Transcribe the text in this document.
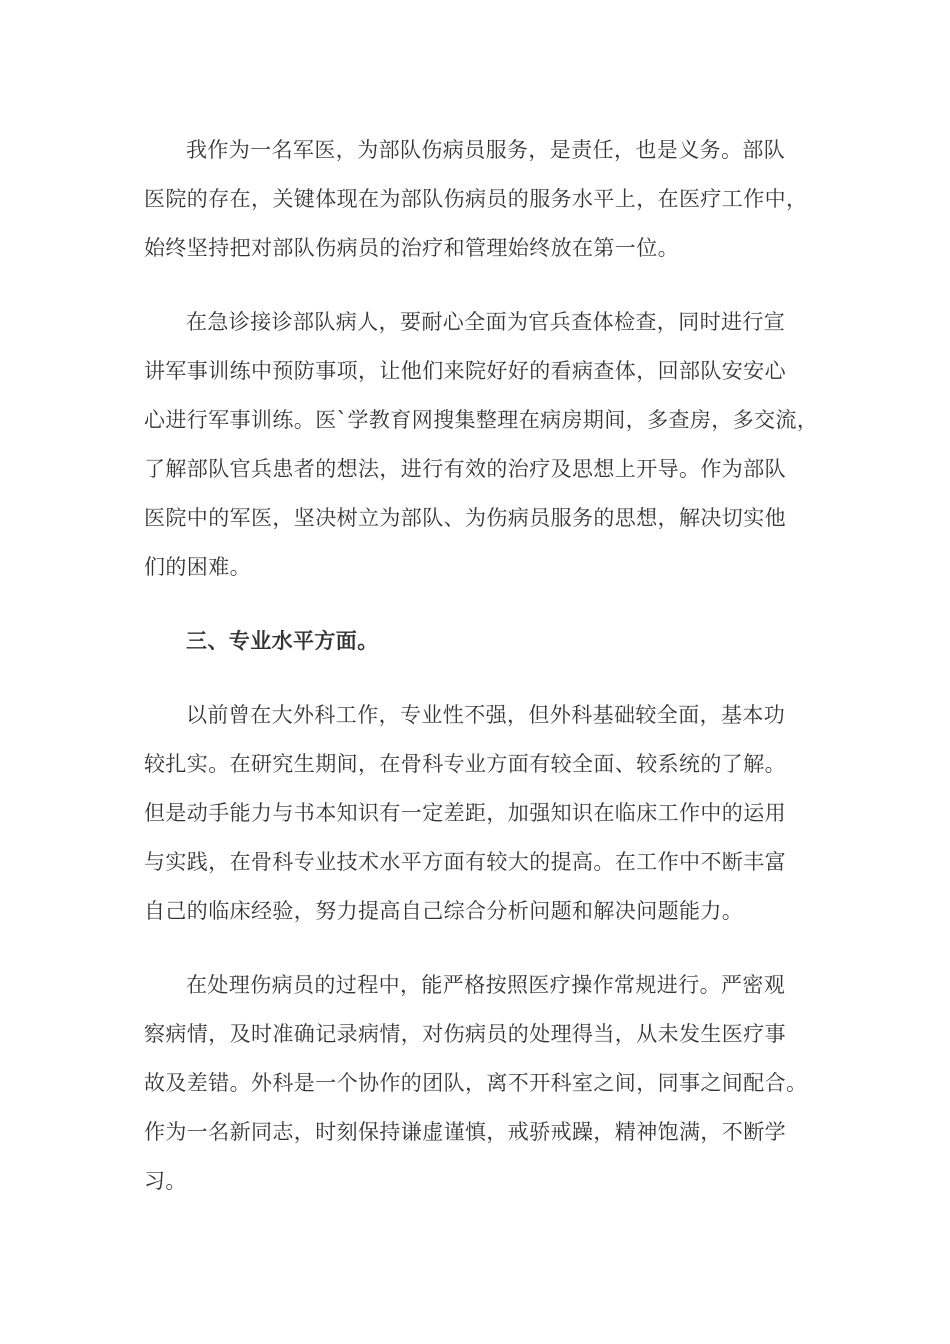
我作为一名军医，为部队伤病员服务，是责任，也是义务。部队
医院的存在，关键体现在为部队伤病员的服务水平上，在医疗工作中，
始终坚持把对部队伤病员的治疗和管理始终放在第一位。

在急诊接诊部队病人，要耐心全面为官兵查体检查，同时进行宣
讲军事训练中预防事项，让他们来院好好的看病查体，回部队安安心
心进行军事训练。医`学教育网搜集整理在病房期间，多查房，多交流，
了解部队官兵患者的想法，进行有效的治疗及思想上开导。作为部队
医院中的军医，坚决树立为部队、为伤病员服务的思想，解决切实他
们的困难。

三、专业水平方面。

以前曾在大外科工作，专业性不强，但外科基础较全面，基本功
较扎实。在研究生期间，在骨科专业方面有较全面、较系统的了解。
但是动手能力与书本知识有一定差距，加强知识在临床工作中的运用
与实践，在骨科专业技术水平方面有较大的提高。在工作中不断丰富
自己的临床经验，努力提高自己综合分析问题和解决问题能力。

在处理伤病员的过程中，能严格按照医疗操作常规进行。严密观
察病情，及时准确记录病情，对伤病员的处理得当，从未发生医疗事
故及差错。外科是一个协作的团队，离不开科室之间，同事之间配合。
作为一名新同志，时刻保持谦虚谨慎，戒骄戒躁，精神饱满，不断学
习。
